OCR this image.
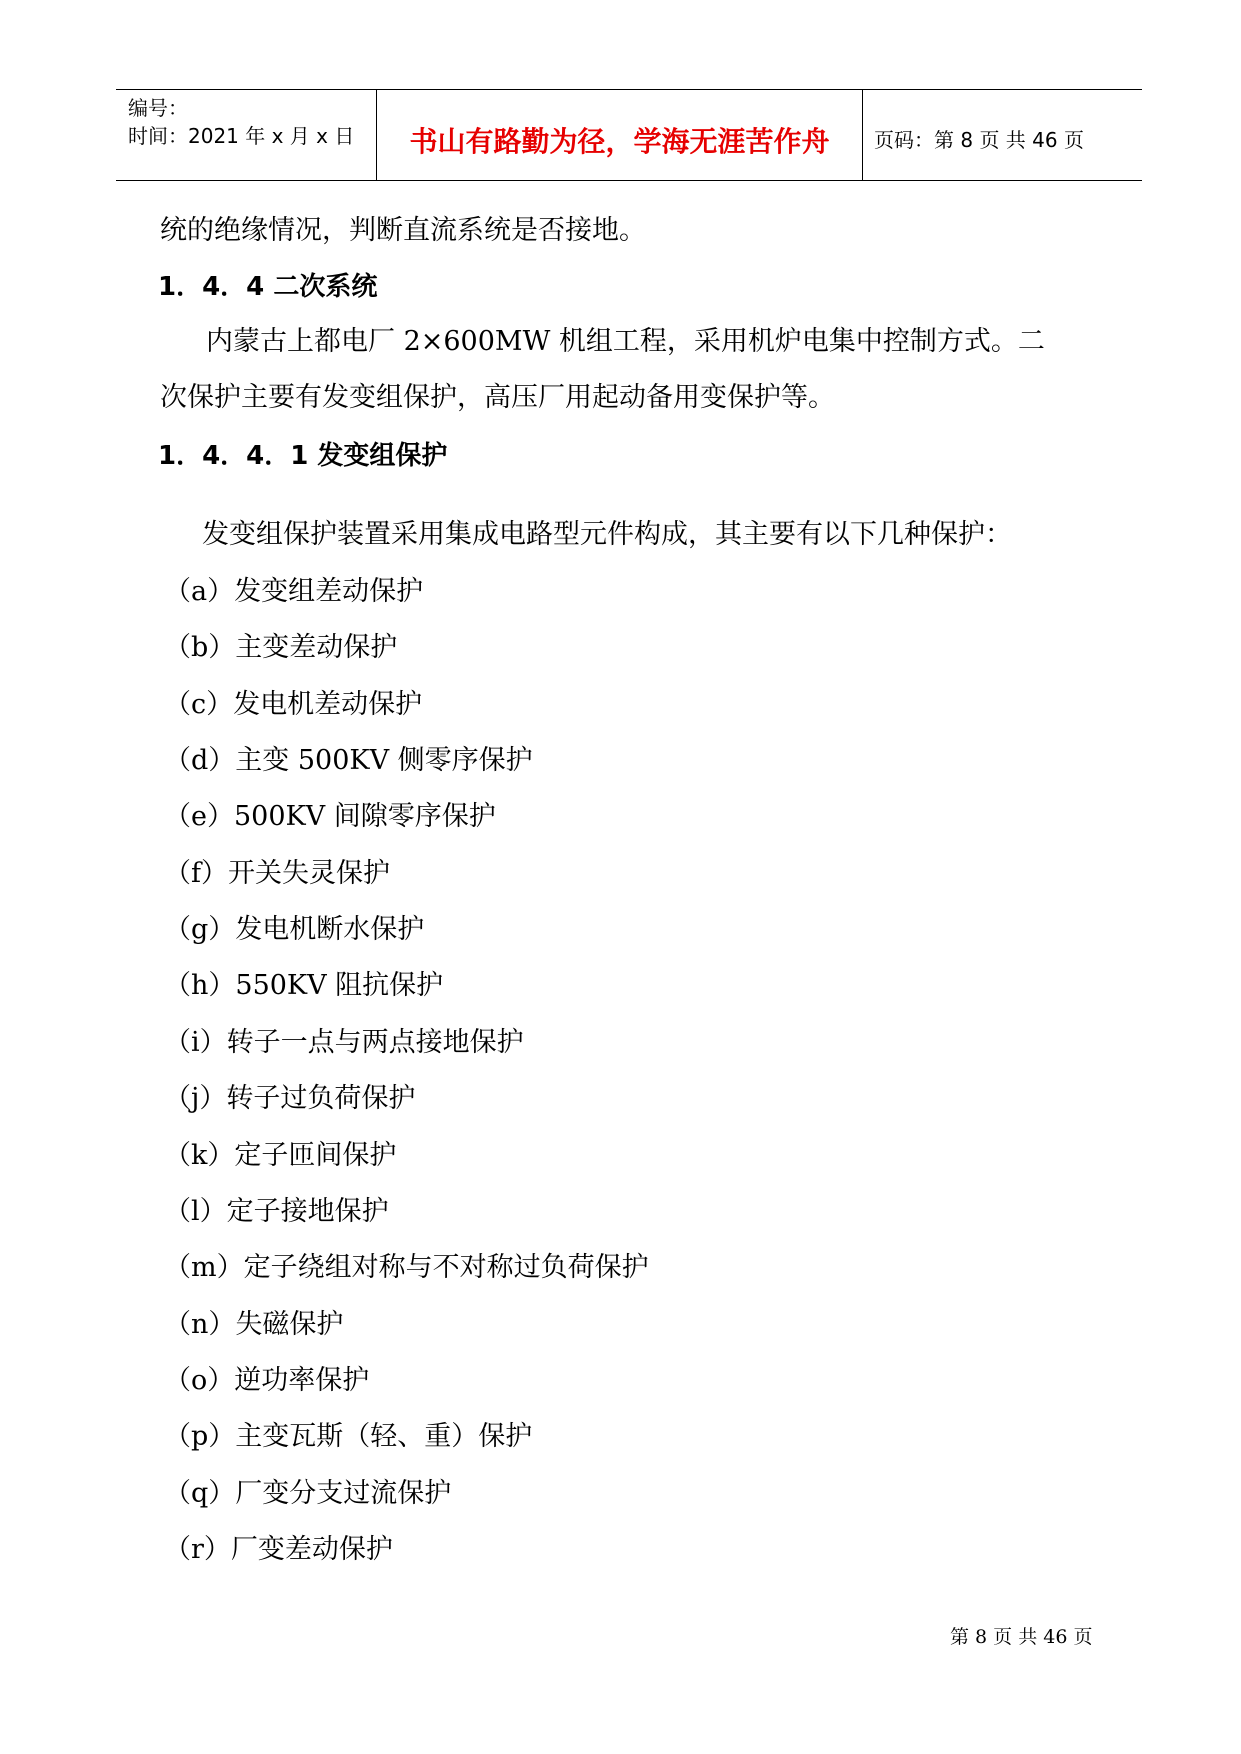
编号：
时间：2021 年 x 月 x 日	书山有路勤为径，学海无涯苦作舟	页码：第 8 页 共 46 页
统的绝缘情况，判断直流系统是否接地。
1．4．4 二次系统
内蒙古上都电厂 2×600MW 机组工程，采用机炉电集中控制方式。二
次保护主要有发变组保护，高压厂用起动备用变保护等。
1．4．4．1 发变组保护
发变组保护装置采用集成电路型元件构成，其主要有以下几种保护：
（a）发变组差动保护
（b）主变差动保护
（c）发电机差动保护
（d）主变 500KV 侧零序保护
（e）500KV 间隙零序保护
（f）开关失灵保护
（g）发电机断水保护
（h）550KV 阻抗保护
（i）转子一点与两点接地保护
（j）转子过负荷保护
（k）定子匝间保护
（l）定子接地保护
（m）定子绕组对称与不对称过负荷保护
（n）失磁保护
（o）逆功率保护
（p）主变瓦斯（轻、重）保护
（q）厂变分支过流保护
（r）厂变差动保护
第 8 页 共 46 页
